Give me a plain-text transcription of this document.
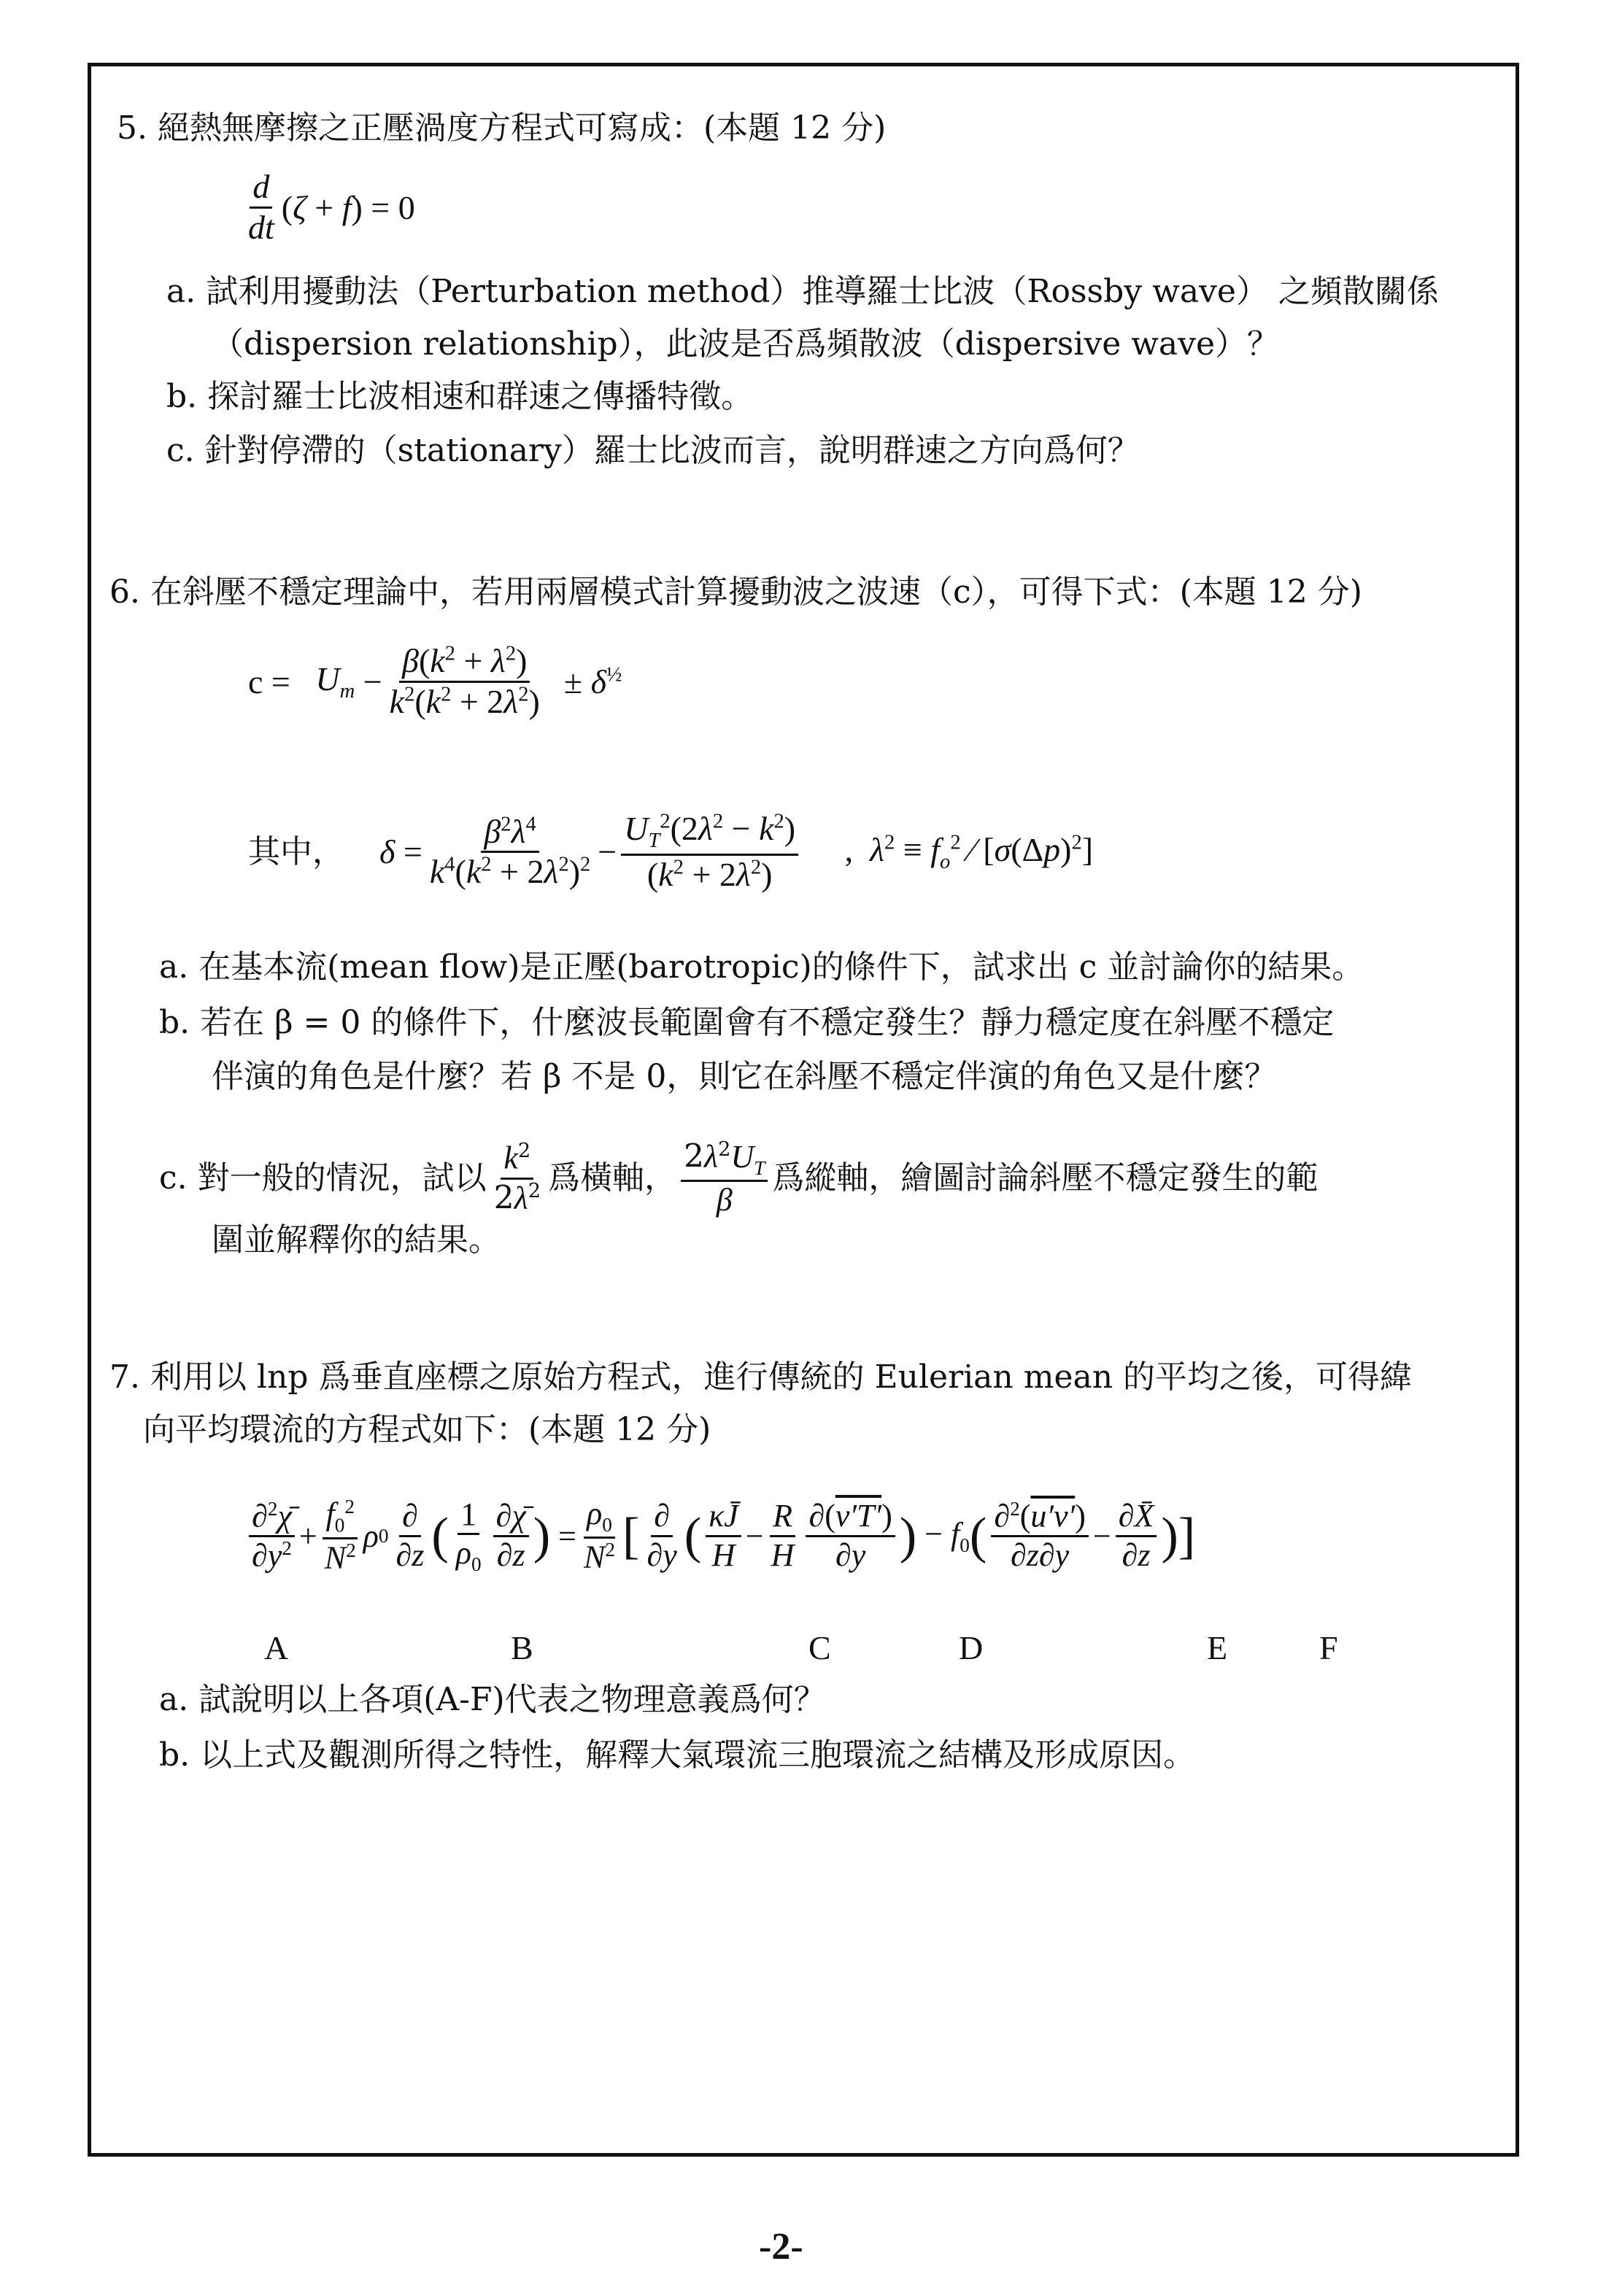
5. 絕熱無摩擦之正壓渦度方程式可寫成：(本題 12 分)
$\frac{d}{dt} (\zeta + f) = 0$
a. 試利用擾動法（Perturbation method）推導羅士比波（Rossby wave） 之頻散關係
（dispersion relationship），此波是否爲頻散波（dispersive wave）？
b. 探討羅士比波相速和群速之傳播特徵。
c. 針對停滯的（stationary）羅士比波而言，說明群速之方向爲何？
6. 在斜壓不穩定理論中，若用兩層模式計算擾動波之波速（c），可得下式：(本題 12 分)
$c = U_m - \frac{\beta(k^2 + \lambda^2)}{k^2(k^2 + 2\lambda^2)} \pm \delta^{\frac{1}{2}}$
其中， $\delta = \frac{\beta^2\lambda^4}{k^4(k^2 + 2\lambda^2)^2} - \frac{U_T^2(2\lambda^2 - k^2)}{(k^2 + 2\lambda^2)}$ ,  $\lambda^2 \equiv f_o^2$ ⁄ $[\sigma(\Delta p)^2]$
a. 在基本流(mean flow)是正壓(barotropic)的條件下，試求出 c 並討論你的結果。
b. 若在 β = 0 的條件下，什麼波長範圍會有不穩定發生？靜力穩定度在斜壓不穩定
伴演的角色是什麼？若 β 不是 0，則它在斜壓不穩定伴演的角色又是什麼？
c. 對一般的情況，試以 $\frac{k^2}{2\lambda^2}$ 爲橫軸， $\frac{2\lambda^2U_T}{\beta}$ 爲縱軸，繪圖討論斜壓不穩定發生的範
圍並解釋你的結果。
7. 利用以 lnp 爲垂直座標之原始方程式，進行傳統的 Eulerian mean 的平均之後，可得緯
向平均環流的方程式如下：(本題 12 分)
$\frac{\partial^2\chī}{\partial y^2} + \frac{f_0^2}{N^2}$ ρ $0 \frac{\partial}{\partial z}$ ( $\frac{1}{\rho_0} \frac{\partial\chī}{\partial z}$ ) = $\frac{\rho_0}{N^2}$ [ $\frac{\partial}{\partial y}$ ( $\frac{\kappa J̄}{H} - \frac{R}{H} \frac{\partial(v'T')}{\partial y}$ ) − $f_0$ ( $\frac{\partial^2(u'v')}{\partial z\partial y} - \frac{\partial X̄}{\partial z}$ )]
A	B	C	D	E	F
a. 試說明以上各項(A-F)代表之物理意義爲何？
b. 以上式及觀測所得之特性，解釋大氣環流三胞環流之結構及形成原因。
-2-
